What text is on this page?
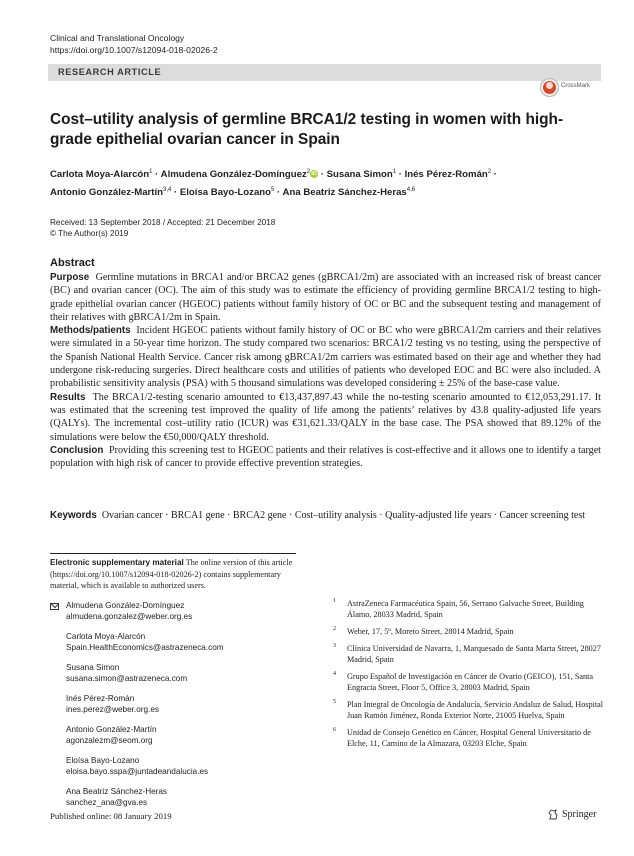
Clinical and Translational Oncology
https://doi.org/10.1007/s12094-018-02026-2
RESEARCH ARTICLE
CrossMark
Cost–utility analysis of germline BRCA1/2 testing in women with high-grade epithelial ovarian cancer in Spain
Carlota Moya-Alarcón$^1$ · Almudena González-Domínguez$^2$iD · Susana Simon$^1$ · Inés Pérez-Román$^2$ ·
Antonio González-Martín$^{3,4}$ · Eloísa Bayo-Lozano$^5$ · Ana Beatriz Sánchez-Heras$^{4,6}$
Received: 13 September 2018 / Accepted: 21 December 2018
© The Author(s) 2019
Abstract

Purpose Germline mutations in BRCA1 and/or BRCA2 genes (gBRCA1/2m) are associated with an increased risk of breast cancer (BC) and ovarian cancer (OC). The aim of this study was to estimate the efficiency of providing germline BRCA1/2 testing to high-grade epithelial ovarian cancer (HGEOC) patients without family history of OC or BC and the subsequent testing and management of their relatives with gBRCA1/2m in Spain.

Methods/patients Incident HGEOC patients without family history of OC or BC who were gBRCA1/2m carriers and their relatives were simulated in a 50-year time horizon. The study compared two scenarios: BRCA1/2 testing vs no testing, using the perspective of the Spanish National Health Service. Cancer risk among gBRCA1/2m carriers was estimated based on their age and whether they had undergone risk-reducing surgeries. Direct healthcare costs and utilities of patients who developed EOC and BC were also included. A probabilistic sensitivity analysis (PSA) with 5 thousand simulations was developed considering ± 25% of the base-case value.

Results The BRCA1/2-testing scenario amounted to €13,437,897.43 while the no-testing scenario amounted to €12,053,291.17. It was estimated that the screening test improved the quality of life among the patients’ relatives by 43.8 quality-adjusted life years (QALYs). The incremental cost–utility ratio (ICUR) was €31,621.33/QALY in the base case. The PSA showed that 89.12% of the simulations were below the €50,000/QALY threshold.

Conclusion Providing this screening test to HGEOC patients and their relatives is cost-effective and it allows one to identify a target population with high risk of cancer to provide effective prevention strategies.

Keywords Ovarian cancer · BRCA1 gene · BRCA2 gene · Cost–utility analysis · Quality-adjusted life years · Cancer screening test
Electronic supplementary material The online version of this article (https://doi.org/10.1007/s12094-018-02026-2) contains supplementary material, which is available to authorized users.
Almudena González-Domínguez
almudena.gonzalez@weber.org.es
Carlota Moya-Alarcón
Spain.HealthEconomics@astrazeneca.com
Susana Simon
susana.simon@astrazeneca.com
Inés Pérez-Román
ines.perez@weber.org.es
Antonio González-Martín
agonzalezm@seom.org
Eloísa Bayo-Lozano
eloisa.bayo.sspa@juntadeandalucia.es
Ana Beatriz Sánchez-Heras
sanchez_ana@gva.es
1 AstraZeneca Farmacéutica Spain, 56, Serrano Galvache Street, Building Álamo, 28033 Madrid, Spain
2 Weber, 17, 5º, Moreto Street, 28014 Madrid, Spain
3 Clínica Universidad de Navarra, 1, Marquesado de Santa Marta Street, 28027 Madrid, Spain
4 Grupo Español de Investigación en Cáncer de Ovario (GEICO), 151, Santa Engracia Street, Floor 5, Office 3, 28003 Madrid, Spain
5 Plan Integral de Oncología de Andalucía, Servicio Andaluz de Salud, Hospital Juan Ramón Jiménez, Ronda Exterior Norte, 21005 Huelva, Spain
6 Unidad de Consejo Genético en Cáncer, Hospital General Universitario de Elche, 11, Camino de la Almazara, 03203 Elche, Spain
Published online: 08 January 2019	Springer
